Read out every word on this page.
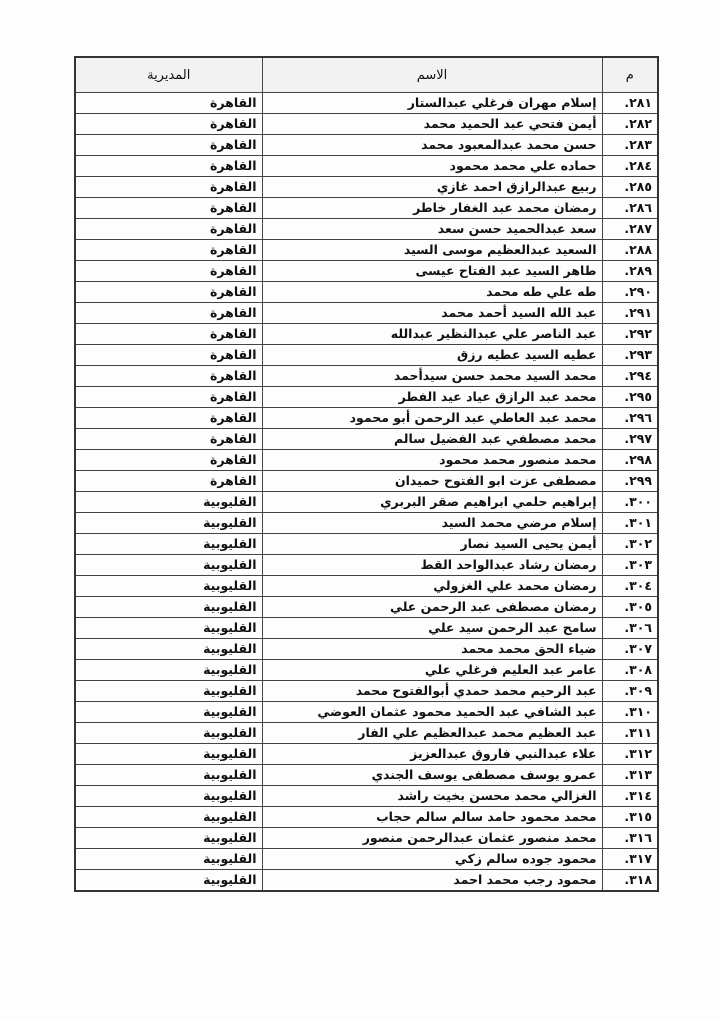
م	الاسم	المديرية
٢٨١.	إسلام مهران فرغلي عبدالستار	القاهرة
٢٨٢.	أيمن فتحي عبد الحميد محمد	القاهرة
٢٨٣.	حسن محمد عبدالمعبود محمد	القاهرة
٢٨٤.	حماده علي محمد محمود	القاهرة
٢٨٥.	ربيع عبدالرازق احمد غازي	القاهرة
٢٨٦.	رمضان محمد عبد الغفار خاطر	القاهرة
٢٨٧.	سعد عبدالحميد حسن سعد	القاهرة
٢٨٨.	السعيد عبدالعظيم موسى السيد	القاهرة
٢٨٩.	طاهر السيد عبد الفتاح عيسى	القاهرة
٢٩٠.	طه علي طه محمد	القاهرة
٢٩١.	عبد الله السيد أحمد محمد	القاهرة
٢٩٢.	عبد الناصر علي عبدالنظير عبدالله	القاهرة
٢٩٣.	عطيه السيد عطيه رزق	القاهرة
٢٩٤.	محمد السيد محمد حسن سيدأحمد	القاهرة
٢٩٥.	محمد عبد الرازق عياد عيد الفطر	القاهرة
٢٩٦.	محمد عبد العاطي عبد الرحمن أبو محمود	القاهرة
٢٩٧.	محمد مصطفي عبد الفضيل سالم	القاهرة
٢٩٨.	محمد منصور محمد محمود	القاهرة
٢٩٩.	مصطفى عزت ابو الفتوح حميدان	القاهرة
٣٠٠.	إبراهيم حلمي ابراهيم صقر البربري	القليوبية
٣٠١.	إسلام مرضي محمد السيد	القليوبية
٣٠٢.	أيمن يحيى السيد نصار	القليوبية
٣٠٣.	رمضان رشاد عبدالواحد القط	القليوبية
٣٠٤.	رمضان محمد علي الغزولي	القليوبية
٣٠٥.	رمضان مصطفى عبد الرحمن علي	القليوبية
٣٠٦.	سامح عبد الرحمن سيد علي	القليوبية
٣٠٧.	ضياء الحق محمد محمد	القليوبية
٣٠٨.	عامر عبد العليم فرغلي علي	القليوبية
٣٠٩.	عبد الرحيم محمد حمدي أبوالفتوح محمد	القليوبية
٣١٠.	عبد الشافي عبد الحميد محمود عثمان العوضي	القليوبية
٣١١.	عبد العظيم محمد عبدالعظيم علي الفار	القليوبية
٣١٢.	علاء عبدالنبي فاروق عبدالعزيز	القليوبية
٣١٣.	عمرو يوسف مصطفى يوسف الجندي	القليوبية
٣١٤.	الغزالي محمد محسن بخيت راشد	القليوبية
٣١٥.	محمد محمود حامد سالم سالم حجاب	القليوبية
٣١٦.	محمد منصور عثمان عبدالرحمن منصور	القليوبية
٣١٧.	محمود جوده سالم زكي	القليوبية
٣١٨.	محمود رجب محمد احمد	القليوبية
